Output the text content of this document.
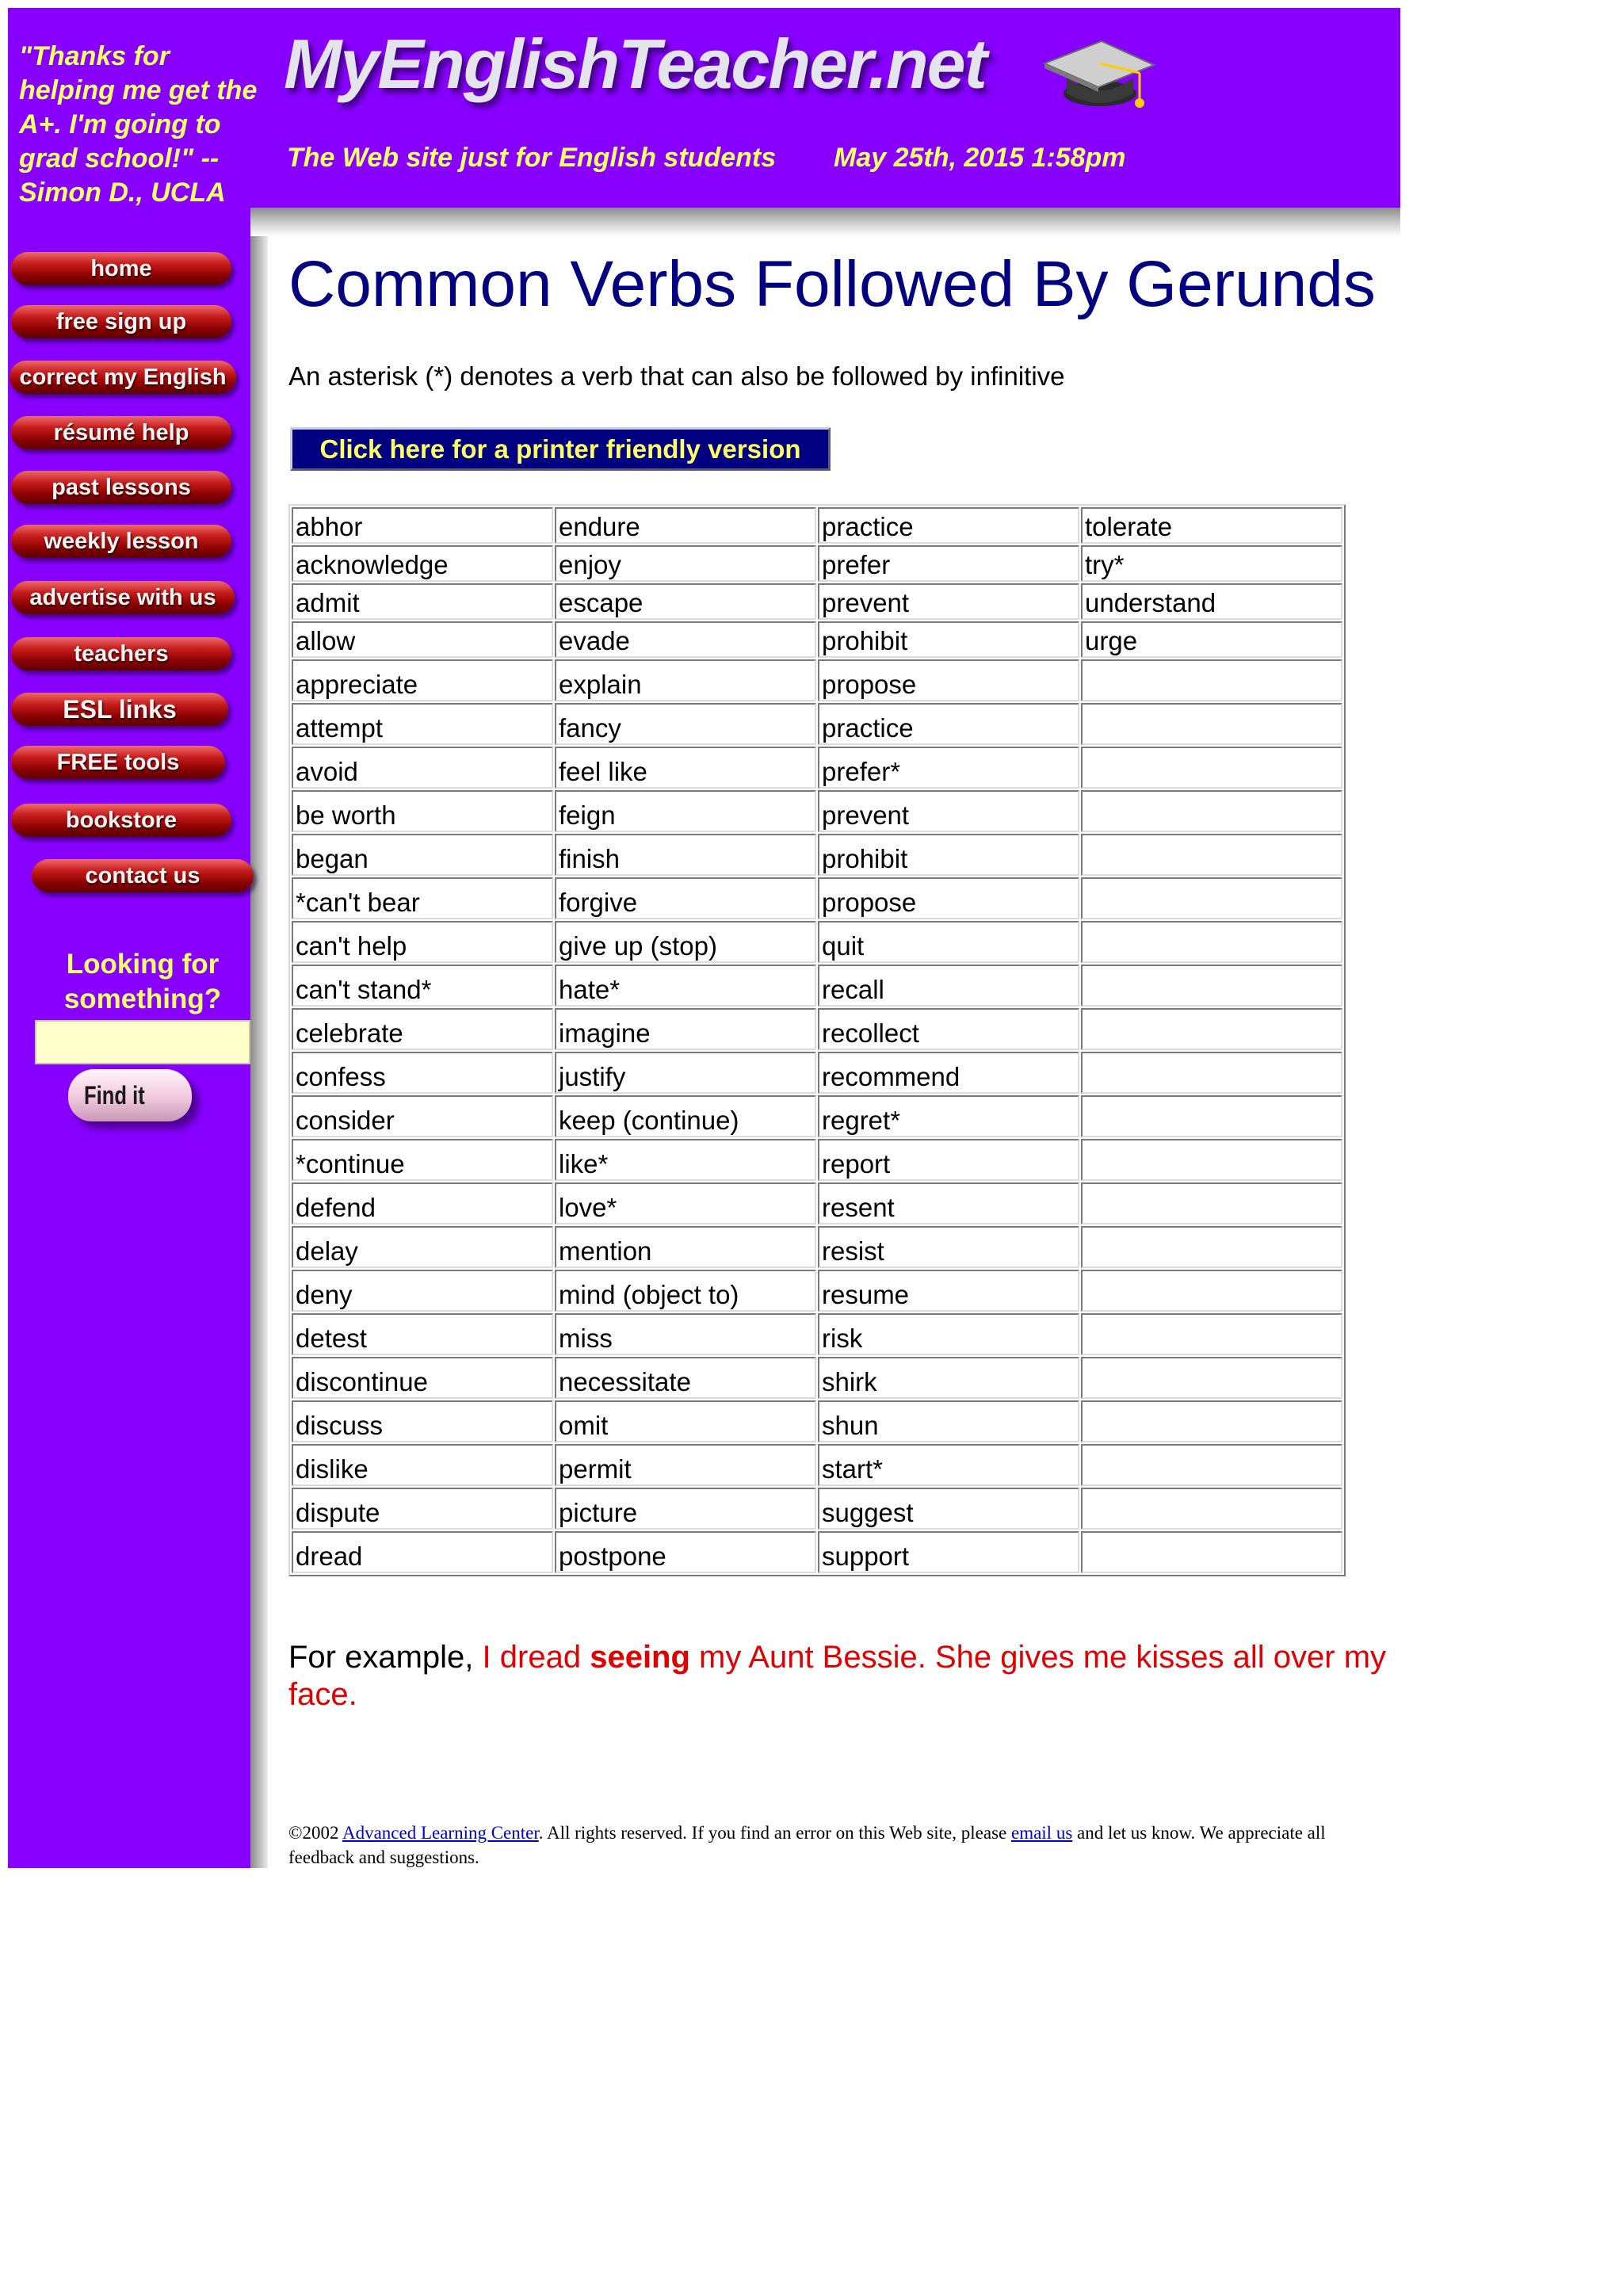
"Thanks for helping me get the A+. I'm going to grad school!" --Simon D., UCLA
MyEnglishTeacher.net
The Web site just for English students May 25th, 2015 1:58pm
home
free sign up
correct my English
résumé help
past lessons
weekly lesson
advertise with us
teachers
ESL links
FREE tools
bookstore
contact us
Looking for something?
Find it
Common Verbs Followed By Gerunds
An asterisk (*) denotes a verb that can also be followed by infinitive
Click here for a printer friendly version
abhor	endure	practice	tolerate
acknowledge	enjoy	prefer	try*
admit	escape	prevent	understand
allow	evade	prohibit	urge
appreciate	explain	propose	
attempt	fancy	practice	
avoid	feel like	prefer*	
be worth	feign	prevent	
began	finish	prohibit	
*can't bear	forgive	propose	
can't help	give up (stop)	quit	
can't stand*	hate*	recall	
celebrate	imagine	recollect	
confess	justify	recommend	
consider	keep (continue)	regret*	
*continue	like*	report	
defend	love*	resent	
delay	mention	resist	
deny	mind (object to)	resume	
detest	miss	risk	
discontinue	necessitate	shirk	
discuss	omit	shun	
dislike	permit	start*	
dispute	picture	suggest	
dread	postpone	support	
For example, I dread seeing my Aunt Bessie. She gives me kisses all over my face.
©2002 Advanced Learning Center. All rights reserved. If you find an error on this Web site, please email us and let us know. We appreciate all feedback and suggestions.
